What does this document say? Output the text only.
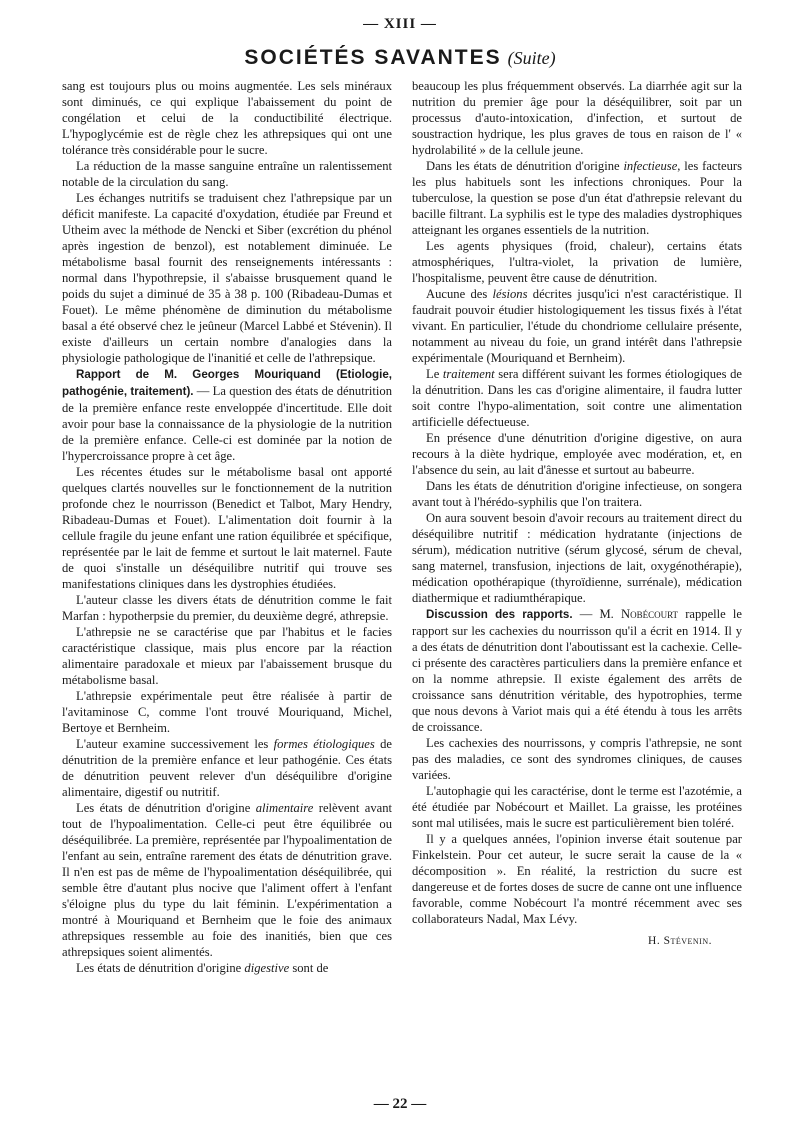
— XIII —
SOCIÉTÉS SAVANTES (Suite)

sang est toujours plus ou moins augmentée. Les sels minéraux sont diminués, ce qui explique l'abaissement du point de congélation et celui de la conductibilité électrique. L'hypoglycémie est de règle chez les athrepsiques qui ont une tolérance très considérable pour le sucre.

La réduction de la masse sanguine entraîne un ralentissement notable de la circulation du sang.

Les échanges nutritifs se traduisent chez l'athrepsique par un déficit manifeste. La capacité d'oxydation, étudiée par Freund et Utheim avec la méthode de Nencki et Siber (excrétion du phénol après ingestion de benzol), est notablement diminuée. Le métabolisme basal fournit des renseignements intéressants : normal dans l'hypothrepsie, il s'abaisse brusquement quand le poids du sujet a diminué de 35 à 38 p. 100 (Ribadeau-Dumas et Fouet). Le même phénomène de diminution du métabolisme basal a été observé chez le jeûneur (Marcel Labbé et Stévenin). Il existe d'ailleurs un certain nombre d'analogies dans la physiologie pathologique de l'inanitié et celle de l'athrepsique.

Rapport de M. Georges Mouriquand (Etiologie, pathogénie, traitement). — La question des états de dénutrition de la première enfance reste enveloppée d'incertitude. Elle doit avoir pour base la connaissance de la physiologie de la nutrition de la première enfance. Celle-ci est dominée par la notion de l'hypercroissance propre à cet âge.

Les récentes études sur le métabolisme basal ont apporté quelques clartés nouvelles sur le fonctionnement de la nutrition profonde chez le nourrisson (Benedict et Talbot, Mary Hendry, Ribadeau-Dumas et Fouet). L'alimentation doit fournir à la cellule fragile du jeune enfant une ration équilibrée et spécifique, représentée par le lait de femme et surtout le lait maternel. Faute de quoi s'installe un déséquilibre nutritif qui trouve ses manifestations cliniques dans les dystrophies étudiées.

L'auteur classe les divers états de dénutrition comme le fait Marfan : hypotherpsie du premier, du deuxième degré, athrepsie.

L'athrepsie ne se caractérise que par l'habitus et le facies caractéristique classique, mais plus encore par la réaction alimentaire paradoxale et mieux par l'abaissement brusque du métabolisme basal.

L'athrepsie expérimentale peut être réalisée à partir de l'avitaminose C, comme l'ont trouvé Mouriquand, Michel, Bertoye et Bernheim.

L'auteur examine successivement les formes étiologiques de dénutrition de la première enfance et leur pathogénie. Ces états de dénutrition peuvent relever d'un déséquilibre d'origine alimentaire, digestif ou nutritif.

Les états de dénutrition d'origine alimentaire relèvent avant tout de l'hypoalimentation. Celle-ci peut être équilibrée ou déséquilibrée. La première, représentée par l'hypoalimentation de l'enfant au sein, entraîne rarement des états de dénutrition grave. Il n'en est pas de même de l'hypoalimentation déséquilibrée, qui semble être d'autant plus nocive que l'aliment offert à l'enfant s'éloigne plus du type du lait féminin. L'expérimentation a montré à Mouriquand et Bernheim que le foie des animaux athrepsiques ressemble au foie des inanitiés, bien que ces athrepsiques soient alimentés.

Les états de dénutrition d'origine digestive sont de

beaucoup les plus fréquemment observés. La diarrhée agit sur la nutrition du premier âge pour la déséquilibrer, soit par un processus d'auto-intoxication, d'infection, et surtout de soustraction hydrique, les plus graves de tous en raison de l' « hydrolabilité » de la cellule jeune.

Dans les états de dénutrition d'origine infectieuse, les facteurs les plus habituels sont les infections chroniques. Pour la tuberculose, la question se pose d'un état d'athrepsie relevant du bacille filtrant. La syphilis est le type des maladies dystrophiques atteignant les organes essentiels de la nutrition.

Les agents physiques (froid, chaleur), certains états atmosphériques, l'ultra-violet, la privation de lumière, l'hospitalisme, peuvent être cause de dénutrition.

Aucune des lésions décrites jusqu'ici n'est caractéristique. Il faudrait pouvoir étudier histologiquement les tissus fixés à l'état vivant. En particulier, l'étude du chondriome cellulaire présente, notamment au niveau du foie, un grand intérêt dans l'athrepsie expérimentale (Mouriquand et Bernheim).

Le traitement sera différent suivant les formes étiologiques de la dénutrition. Dans les cas d'origine alimentaire, il faudra lutter soit contre l'hypo-alimentation, soit contre une alimentation artificielle défectueuse.

En présence d'une dénutrition d'origine digestive, on aura recours à la diète hydrique, employée avec modération, et, en l'absence du sein, au lait d'ânesse et surtout au babeurre.

Dans les états de dénutrition d'origine infectieuse, on songera avant tout à l'hérédo-syphilis que l'on traitera.

On aura souvent besoin d'avoir recours au traitement direct du déséquilibre nutritif : médication hydratante (injections de sérum), médication nutritive (sérum glycosé, sérum de cheval, sang maternel, transfusion, injections de lait, oxygénothérapie), médication opothérapique (thyroïdienne, surrénale), médication diathermique et radiumthérapique.

Discussion des rapports. — M. Nobécourt rappelle le rapport sur les cachexies du nourrisson qu'il a écrit en 1914. Il y a des états de dénutrition dont l'aboutissant est la cachexie. Celle-ci présente des caractères particuliers dans la première enfance et on la nomme athrepsie. Il existe également des arrêts de croissance sans dénutrition véritable, des hypotrophies, terme que nous devons à Variot mais qui a été étendu à tous les arrêts de croissance.

Les cachexies des nourrissons, y compris l'athrepsie, ne sont pas des maladies, ce sont des syndromes cliniques, de causes variées.

L'autophagie qui les caractérise, dont le terme est l'azotémie, a été étudiée par Nobécourt et Maillet. La graisse, les protéines sont mal utilisées, mais le sucre est particulièrement bien toléré.

Il y a quelques années, l'opinion inverse était soutenue par Finkelstein. Pour cet auteur, le sucre serait la cause de la « décomposition ». En réalité, la restriction du sucre est dangereuse et de fortes doses de sucre de canne ont une influence favorable, comme Nobécourt l'a montré récemment avec ses collaborateurs Nadal, Max Lévy.

H. Stévenin.
— 22 —
